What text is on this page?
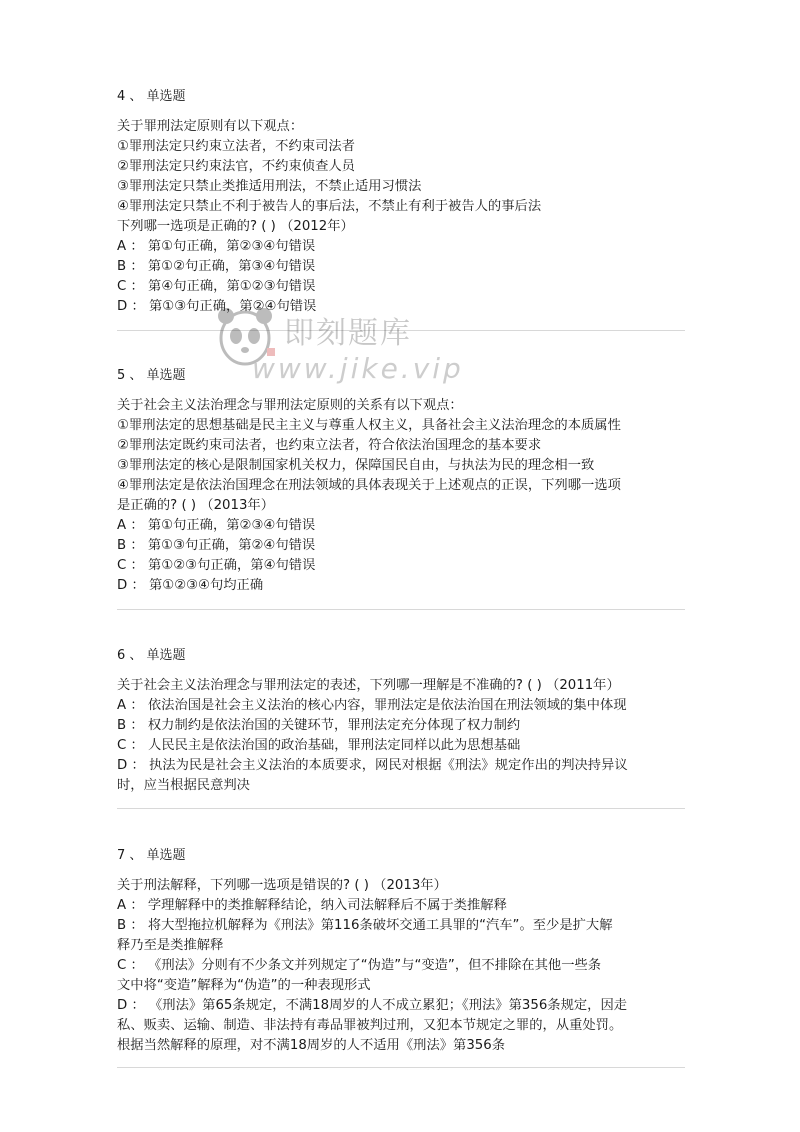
4 、 单选题

关于罪刑法定原则有以下观点：

①罪刑法定只约束立法者，不约束司法者

②罪刑法定只约束法官，不约束侦查人员

③罪刑法定只禁止类推适用刑法，不禁止适用习惯法

④罪刑法定只禁止不利于被告人的事后法，不禁止有利于被告人的事后法

下列哪一选项是正确的? ( ) （2012年）

A ： 第①句正确，第②③④句错误

B ： 第①②句正确，第③④句错误

C ： 第④句正确，第①②③句错误

D ： 第①③句正确，第②④句错误

5 、 单选题

关于社会主义法治理念与罪刑法定原则的关系有以下观点：

①罪刑法定的思想基础是民主主义与尊重人权主义，具备社会主义法治理念的本质属性

②罪刑法定既约束司法者，也约束立法者，符合依法治国理念的基本要求

③罪刑法定的核心是限制国家机关权力，保障国民自由，与执法为民的理念相一致

④罪刑法定是依法治国理念在刑法领域的具体表现关于上述观点的正误，下列哪一选项

是正确的? ( ) （2013年）

A ： 第①句正确，第②③④句错误

B ： 第①③句正确，第②④句错误

C ： 第①②③句正确，第④句错误

D ： 第①②③④句均正确

6 、 单选题

关于社会主义法治理念与罪刑法定的表述，下列哪一理解是不准确的? ( ) （2011年）

A ： 依法治国是社会主义法治的核心内容，罪刑法定是依法治国在刑法领域的集中体现

B ： 权力制约是依法治国的关键环节，罪刑法定充分体现了权力制约

C ： 人民民主是依法治国的政治基础，罪刑法定同样以此为思想基础

D ： 执法为民是社会主义法治的本质要求，网民对根据《刑法》规定作出的判决持异议

时，应当根据民意判决

7 、 单选题

关于刑法解释，下列哪一选项是错误的? ( ) （2013年）

A ： 学理解释中的类推解释结论，纳入司法解释后不属于类推解释

B ： 将大型拖拉机解释为《刑法》第116条破坏交通工具罪的“汽车”。至少是扩大解

释乃至是类推解释

C ： 《刑法》分则有不少条文并列规定了“伪造”与“变造”，但不排除在其他一些条

文中将“变造”解释为“伪造”的一种表现形式

D ： 《刑法》第65条规定，不满18周岁的人不成立累犯；《刑法》第356条规定，因走

私、贩卖、运输、制造、非法持有毒品罪被判过刑，又犯本节规定之罪的，从重处罚。

根据当然解释的原理，对不满18周岁的人不适用《刑法》第356条

即刻题库
www.jike.vip
